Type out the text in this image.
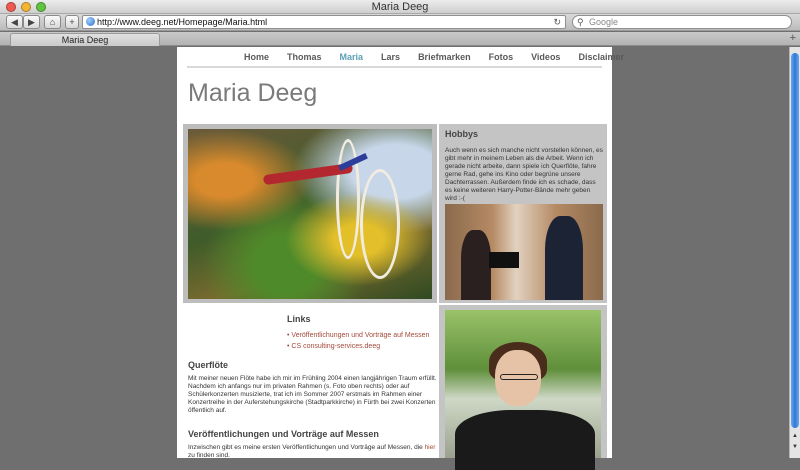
Maria Deeg
◀	▶	⌂	+	http://www.deeg.net/Homepage/Maria.html	↻ ⚲ Google
Maria Deeg	+
Home	Thomas	Maria	Lars	Briefmarken	Fotos	Videos	Disclaimer
Maria Deeg
Hobbys
Auch wenn es sich manche nicht vorstellen können, es gibt mehr in meinem Leben als die Arbeit. Wenn ich gerade nicht arbeite, dann spiele ich Querflöte, fahre gerne Rad, gehe ins Kino oder begrüne unsere Dachterrassen. Außerdem finde ich es schade, dass es keine weiteren Harry-Potter-Bände mehr geben wird :-(
Links
• Veröffentlichungen und Vorträge auf Messen
• CS consulting-services.deeg
Querflöte
Mit meiner neuen Flöte habe ich mir im Frühling 2004 einen langjährigen Traum erfüllt. Nachdem ich anfangs nur im privaten Rahmen (s. Foto oben rechts) oder auf Schülerkonzerten musizierte, trat ich im Sommer 2007 erstmals im Rahmen einer Konzertreihe in der Auferstehungskirche (Stadtparkkirche) in Fürth bei zwei Konzerten öffentlich auf.
Veröffentlichungen und Vorträge auf Messen
Inzwischen gibt es meine ersten Veröffentlichungen und Vorträge auf Messen, die hier zu finden sind.
▲
▼
